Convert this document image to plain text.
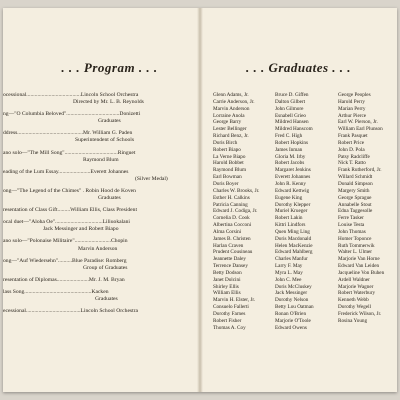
. . . Program . . .
ocessional.......................................Lincoln School Orchestra
Directed by Mr. L. B. Reynolds
ng—"O Columbia Beloved"......................................Donizetti
Graduates
ddress...............................................Mr. William G. Paden
Superintendent of Schools
ano solo—"The Mill Song"......................................Ringuet
Raymond Blum
eading of the Lum Essay.......................Everett Johannes
(Silver Medal)
ong—"The Legend of the Chimes" . Robin Hood de Koven
Graduates
resentation of Class Gift.........William Ellis, Class President
ocal duet—"Aloha Oe"..................................Liliuokalani
Jack Messinger and Robert Biapo
ano solo—"Polonaise Militaire"..........................Chopin
Marvin Anderson
ong—"Auf Wiedersehn"..........Blue Paradise: Romberg
Group of Graduates
resentation of Diplomas.......................Mr. J. M. Bryan
lass Song................................................Kacken
Graduates
ecessional.......................................Lincoln School Orchestra
. . . Graduates . . .
Glenn Adams, Jr.
Carrie Anderson, Jr.
Marvin Anderson
Lorraine Anola
George Barry
Lester Bellinger
Richard Benz, Jr.
Doris Birch
Robert Biapo
La Verne Biapo
Harold Bobbet
Raymond Blum
Earl Bowman
Doris Boyer
Charles W. Brooks, Jr.
Esther H. Calkins
Patricia Canning
Edward J. Codiga, Jr.
Cornelia D. Cook
Albertina Cocconi
Alma Corsini
James B. Christen
Harlan Craven
Prudent Cousineau
Jeannette Daley
Terrence Dansey
Betty Dodson
Janet Dolcini
Shirley Ellis
William Ellis
Marvin H. Elster, Jr.
Consuelo Fallerti
Dorothy Farnes
Robert Fisher
Thomas A. Coy
Bruce D. Giffen
Dalton Gilbert
John Gilmore
Esnabell Grieo
Mildred Hansen
Mildred Hanscom
Fred C. High
Robert Hopkins
James Inman
Gloria M. Irby
Robert Jacobs
Margaret Jenkins
Everett Johannes
John R. Kenny
Edward Kettwig
Eugene King
Dorothy Klepper
Muriel Krueger
Robert Lakin
Kittri Lindfors
Quen Ming Ling
Doris Macdonald
Helen MacKenzie
Edward Mahlberg
Charles Manfur
Larry F. May
Myra L. May
John C. Mee
Doris McCluskey
Jack Messinger
Dorothy Nelson
Betty Lou Oatman
Ronan O'Brien
Marjorie O'Toole
Edward Owens
George Peoples
Harold Perry
Marian Perry
Arthur Pierce
Earl W. Pierson, Jr.
William Earl Plunson
Frank Pasquet
Robert Price
John D. Pola
Patsy Radcliffe
Nick T. Ratto
Frank Rutherford, Jr.
Willard Schmidt
Donald Simpson
Margery Smith
George Sprague
Annabelle Stout
Edna Taggesolle
Ferre Tasker
Louise Testa
John Thomas
Homer Toponce
Ruth Tommerwik
Walter L. Ulmer
Marjorie Van Horne
Edward Van Leiden
Jacqueline Von Buhen
Ardell Waldner
Marjorie Wagner
Robert Waterbury
Kenneth Webb
Dorothy Wegell
Frederick Wilson, Jr.
Rosina Young
